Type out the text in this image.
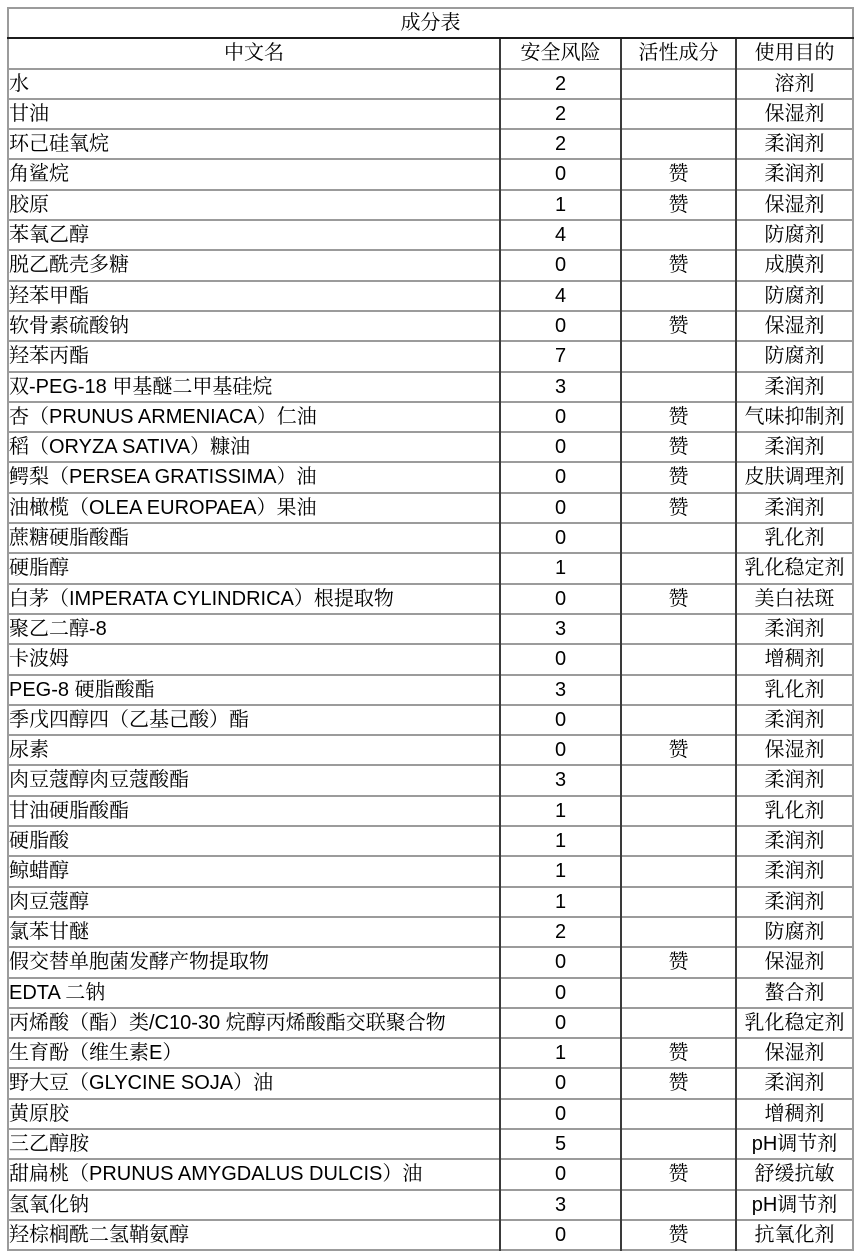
成分表			
中文名	安全风险	活性成分	使用目的
水	2		溶剂
甘油	2		保湿剂
环己硅氧烷	2		柔润剂
角鲨烷	0	赞	柔润剂
胶原	1	赞	保湿剂
苯氧乙醇	4		防腐剂
脱乙酰壳多糖	0	赞	成膜剂
羟苯甲酯	4		防腐剂
软骨素硫酸钠	0	赞	保湿剂
羟苯丙酯	7		防腐剂
双-PEG-18 甲基醚二甲基硅烷	3		柔润剂
杏（PRUNUS ARMENIACA）仁油	0	赞	气味抑制剂
稻（ORYZA SATIVA）糠油	0	赞	柔润剂
鳄梨（PERSEA GRATISSIMA）油	0	赞	皮肤调理剂
油橄榄（OLEA EUROPAEA）果油	0	赞	柔润剂
蔗糖硬脂酸酯	0		乳化剂
硬脂醇	1		乳化稳定剂
白茅（IMPERATA CYLINDRICA）根提取物	0	赞	美白祛斑
聚乙二醇-8	3		柔润剂
卡波姆	0		增稠剂
PEG-8 硬脂酸酯	3		乳化剂
季戊四醇四（乙基己酸）酯	0		柔润剂
尿素	0	赞	保湿剂
肉豆蔻醇肉豆蔻酸酯	3		柔润剂
甘油硬脂酸酯	1		乳化剂
硬脂酸	1		柔润剂
鲸蜡醇	1		柔润剂
肉豆蔻醇	1		柔润剂
氯苯甘醚	2		防腐剂
假交替单胞菌发酵产物提取物	0	赞	保湿剂
EDTA 二钠	0		螯合剂
丙烯酸（酯）类/C10-30 烷醇丙烯酸酯交联聚合物	0		乳化稳定剂
生育酚（维生素E）	1	赞	保湿剂
野大豆（GLYCINE SOJA）油	0	赞	柔润剂
黄原胶	0		增稠剂
三乙醇胺	5		pH调节剂
甜扁桃（PRUNUS AMYGDALUS DULCIS）油	0	赞	舒缓抗敏
氢氧化钠	3		pH调节剂
羟棕榈酰二氢鞘氨醇	0	赞	抗氧化剂
